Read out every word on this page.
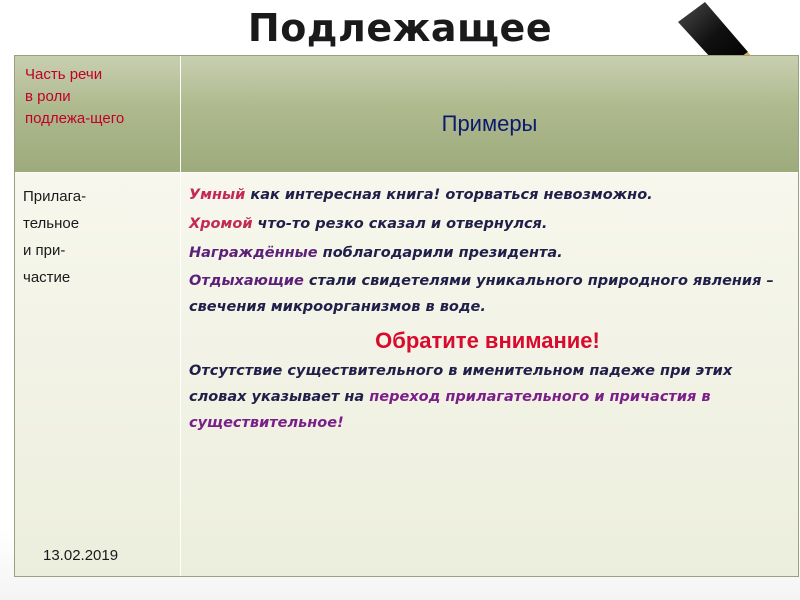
Подлежащее
Часть речи
в роли
подлежа-щего	Примеры
Прилага-
тельное
и при-
частие
13.02.2019
Умный как интересная книга! оторваться невозможно.
Хромой что-то резко сказал и отвернулся.
Награждённые поблагодарили президента.
Отдыхающие стали свидетелями уникального природного явления – свечения микроорганизмов в воде.
Обратите внимание!
Отсутствие существительного в именительном падеже при этих словах указывает на переход прилагательного и причастия в существительное!
